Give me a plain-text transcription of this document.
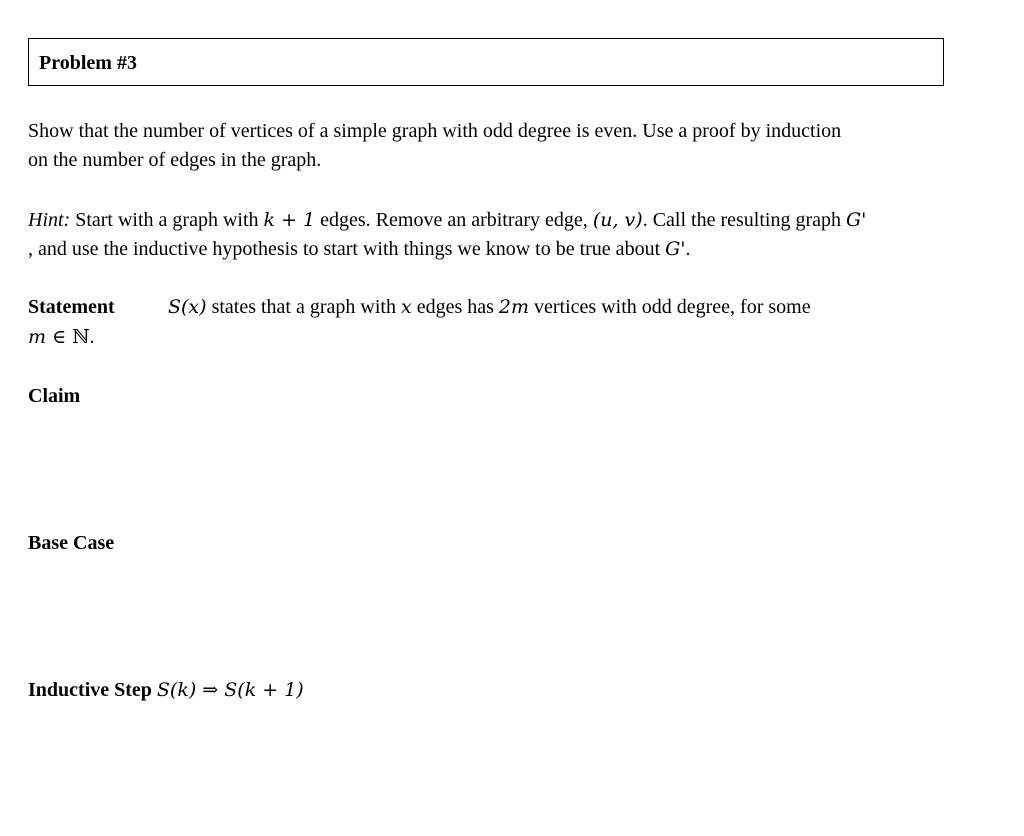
Problem #3
Show that the number of vertices of a simple graph with odd degree is even. Use a proof by induction
on the number of edges in the graph.
Hint: Start with a graph with k + 1 edges. Remove an arbitrary edge, (u, v). Call the resulting graph G'
, and use the inductive hypothesis to start with things we know to be true about G'.
Statement	S(x) states that a graph with x edges has 2m vertices with odd degree, for some
m ∈ ℕ.
Claim
Base Case
Inductive Step S(k) ⇒ S(k + 1)
